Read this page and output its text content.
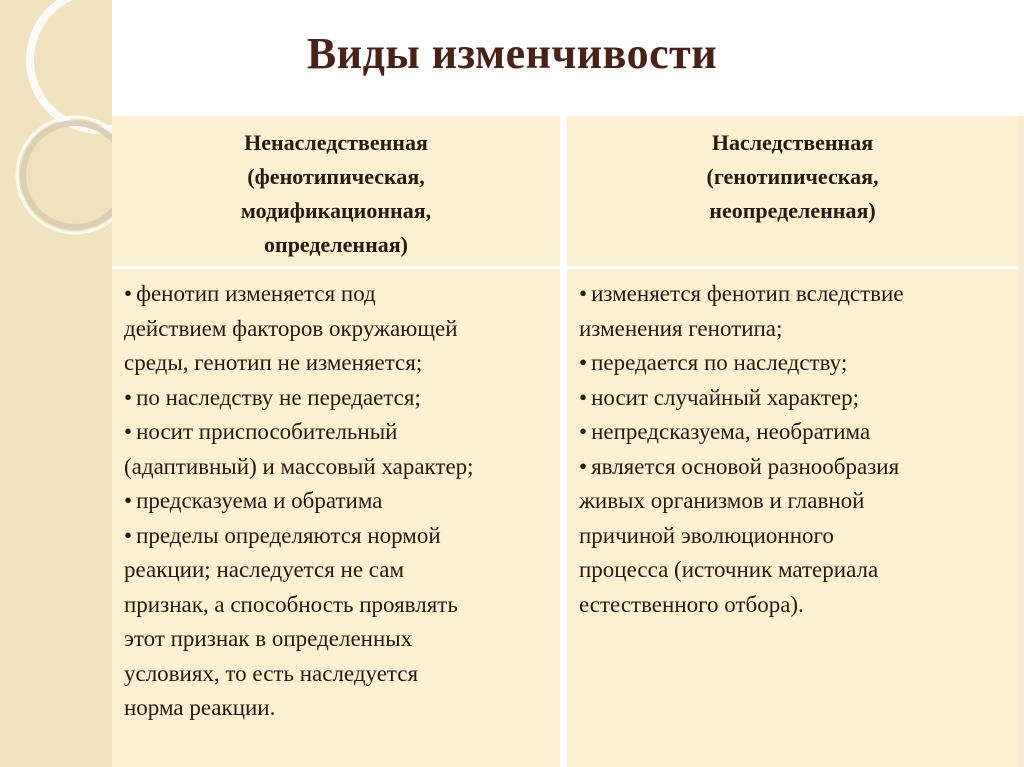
Виды изменчивости
Ненаследственная
(фенотипическая,
модификационная,
определенная)
• фенотип изменяется под
действием факторов окружающей
среды, генотип не изменяется;
• по наследству не передается;
• носит приспособительный
(адаптивный) и массовый характер;
• предсказуема и обратима
• пределы определяются нормой
реакции; наследуется не сам
признак, а способность проявлять
этот признак в определенных
условиях, то есть наследуется
норма реакции.
Наследственная
(генотипическая,
неопределенная)
• изменяется фенотип вследствие
изменения генотипа;
• передается по наследству;
• носит случайный характер;
• непредсказуема, необратима
• является основой разнообразия
живых организмов и главной
причиной эволюционного
процесса (источник материала
естественного отбора).
